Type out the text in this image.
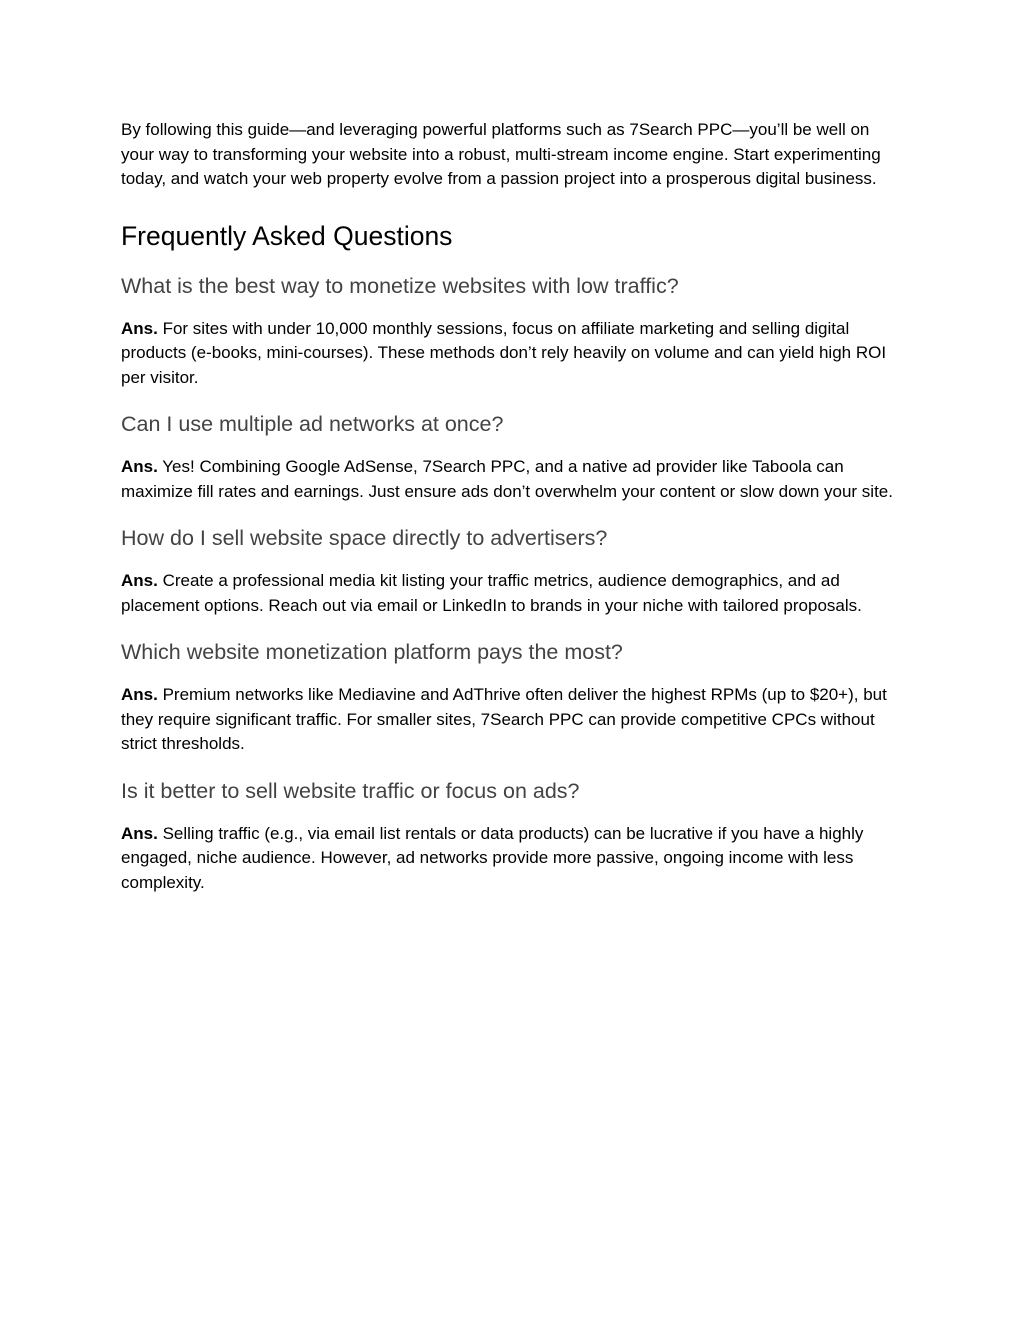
By following this guide—and leveraging powerful platforms such as 7Search PPC—you’ll be well on your way to transforming your website into a robust, multi-stream income engine. Start experimenting today, and watch your web property evolve from a passion project into a prosperous digital business.

Frequently Asked Questions
What is the best way to monetize websites with low traffic?

Ans. For sites with under 10,000 monthly sessions, focus on affiliate marketing and selling digital products (e-books, mini-courses). These methods don’t rely heavily on volume and can yield high ROI per visitor.

Can I use multiple ad networks at once?

Ans. Yes! Combining Google AdSense, 7Search PPC, and a native ad provider like Taboola can maximize fill rates and earnings. Just ensure ads don’t overwhelm your content or slow down your site.

How do I sell website space directly to advertisers?

Ans. Create a professional media kit listing your traffic metrics, audience demographics, and ad placement options. Reach out via email or LinkedIn to brands in your niche with tailored proposals.

Which website monetization platform pays the most?

Ans. Premium networks like Mediavine and AdThrive often deliver the highest RPMs (up to $20+), but they require significant traffic. For smaller sites, 7Search PPC can provide competitive CPCs without strict thresholds.

Is it better to sell website traffic or focus on ads?

Ans. Selling traffic (e.g., via email list rentals or data products) can be lucrative if you have a highly engaged, niche audience. However, ad networks provide more passive, ongoing income with less complexity.
